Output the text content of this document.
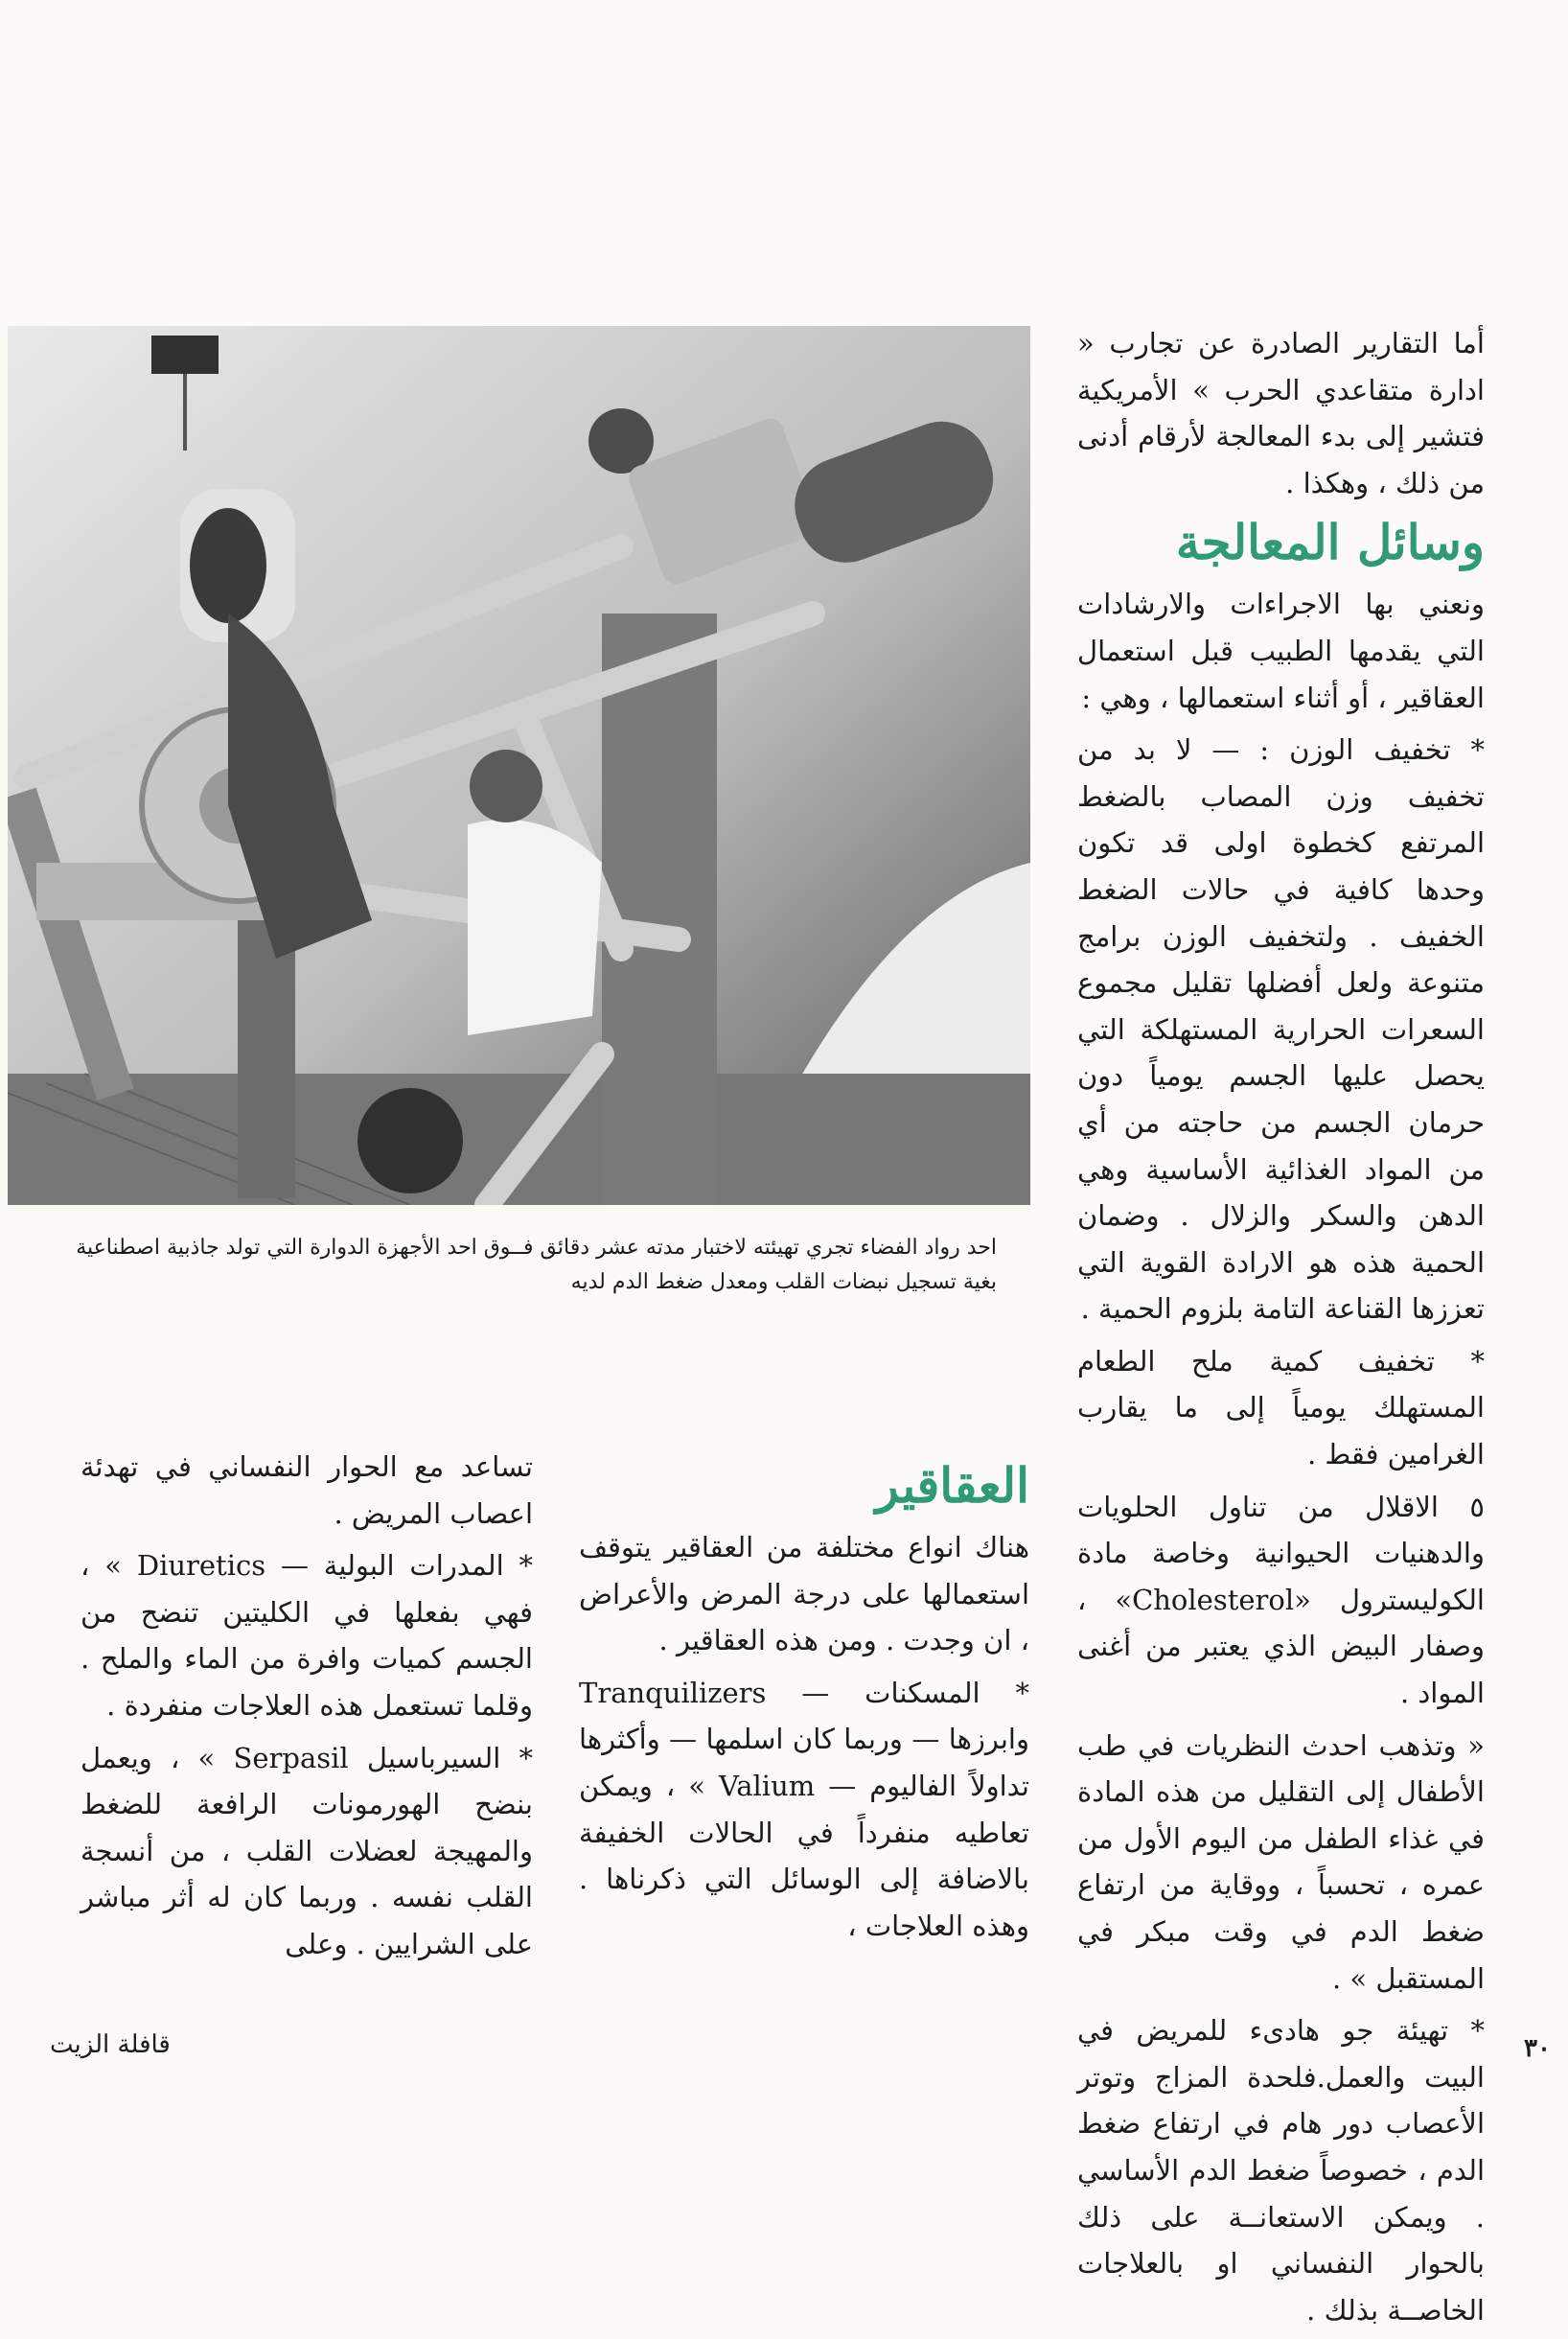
أما التقارير الصادرة عن تجارب « ادارة متقاعدي الحرب » الأمريكية فتشير إلى بدء المعالجة لأرقام أدنى من ذلك ، وهكذا .

وسائل المعالجة

ونعني بها الاجراءات والارشادات التي يقدمها الطبيب قبل استعمال العقاقير ، أو أثناء استعمالها ، وهي :

* تخفيف الوزن : — لا بد من تخفيف وزن المصاب بالضغط المرتفع كخطوة اولى قد تكون وحدها كافية في حالات الضغط الخفيف . ولتخفيف الوزن برامج متنوعة ولعل أفضلها تقليل مجموع السعرات الحرارية المستهلكة التي يحصل عليها الجسم يومياً دون حرمان الجسم من حاجته من أي من المواد الغذائية الأساسية وهي الدهن والسكر والزلال . وضمان الحمية هذه هو الارادة القوية التي تعززها القناعة التامة بلزوم الحمية .

* تخفيف كمية ملح الطعام المستهلك يومياً إلى ما يقارب الغرامين فقط .

٥ الاقلال من تناول الحلويات والدهنيات الحيوانية وخاصة مادة الكوليسترول «Cholesterol» ، وصفار البيض الذي يعتبر من أغنى المواد .

« وتذهب احدث النظريات في طب الأطفال إلى التقليل من هذه المادة في غذاء الطفل من اليوم الأول من عمره ، تحسباً ، ووقاية من ارتفاع ضغط الدم في وقت مبكر في المستقبل » .

* تهيئة جو هادىء للمريض في البيت والعمل.فلحدة المزاج وتوتر الأعصاب دور هام في ارتفاع ضغط الدم ، خصوصاً ضغط الدم الأساسي . ويمكن الاستعانــة على ذلك بالحوار النفساني او بالعلاجات الخاصــة بذلك .

احد رواد الفضاء تجري تهيئته لاختبار مدته عشر دقائق فــوق احد الأجهزة الدوارة التي تولد جاذبية اصطناعية

بغية تسجيل نبضات القلب ومعدل ضغط الدم لديه

العقاقير

هناك انواع مختلفة من العقاقير يتوقف استعمالها على درجة المرض والأعراض ، ان وجدت . ومن هذه العقاقير .

* المسكنات — Tranquilizers وابرزها — وربما كان اسلمها — وأكثرها تداولاً الفاليوم — Valium » ، ويمكن تعاطيه منفرداً في الحالات الخفيفة بالاضافة إلى الوسائل التي ذكرناها . وهذه العلاجات ،

تساعد مع الحوار النفساني في تهدئة اعصاب المريض .

* المدرات البولية — Diuretics » ، فهي بفعلها في الكليتين تنضح من الجسم كميات وافرة من الماء والملح . وقلما تستعمل هذه العلاجات منفردة .

* السيرباسيل Serpasil » ، ويعمل بنضح الهورمونات الرافعة للضغط والمهيجة لعضلات القلب ، من أنسجة القلب نفسه . وربما كان له أثر مباشر على الشرايين . وعلى

٣٠
قافلة الزيت
